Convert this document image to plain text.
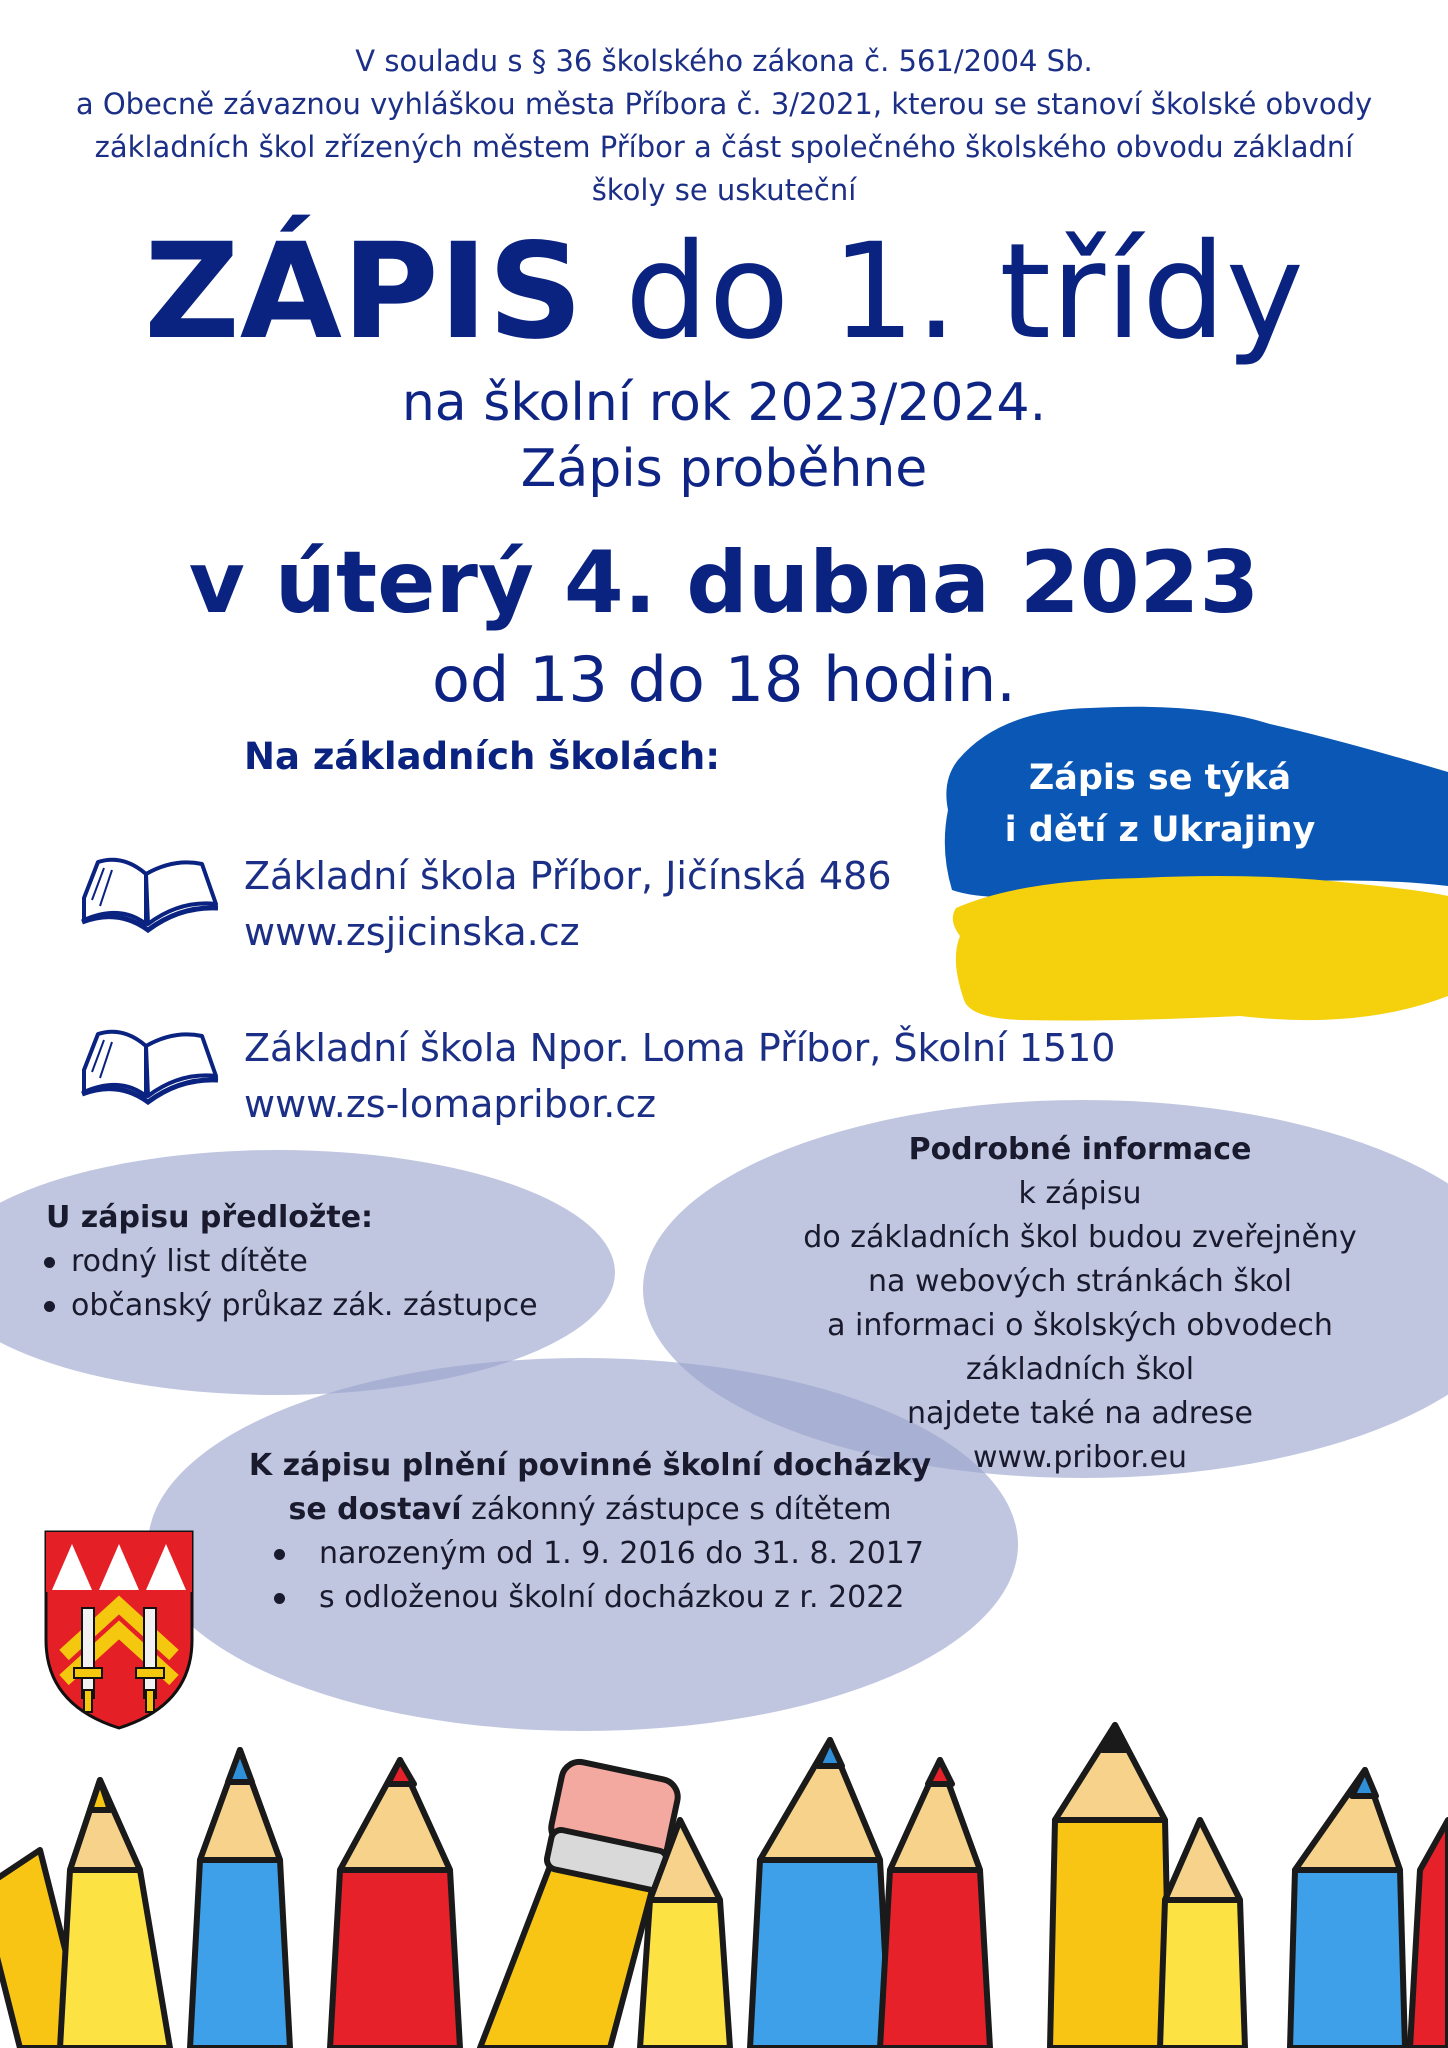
V souladu s § 36 školského zákona č. 561/2004 Sb.
a Obecně závaznou vyhláškou města Příbora č. 3/2021, kterou se stanoví školské obvody
základních škol zřízených městem Příbor a část společného školského obvodu základní
školy se uskuteční
ZÁPIS do 1. třídy
na školní rok 2023/2024.
Zápis proběhne
v úterý 4. dubna 2023
od 13 do 18 hodin.
Na základních školách:
Základní škola Příbor, Jičínská 486
www.zsjicinska.cz
Základní škola Npor. Loma Příbor, Školní 1510
www.zs-lomapribor.cz
Zápis se týká
i dětí z Ukrajiny
U zápisu předložte:
rodný list dítěte
občanský průkaz zák. zástupce
Podrobné informace
k zápisu
do základních škol budou zveřejněny
na webových stránkách škol
a informaci o školských obvodech
základních škol
najdete také na adrese
www.pribor.eu
K zápisu plnění povinné školní docházky
se dostaví zákonný zástupce s dítětem
narozeným od 1. 9. 2016 do 31. 8. 2017
s odloženou školní docházkou z r. 2022
